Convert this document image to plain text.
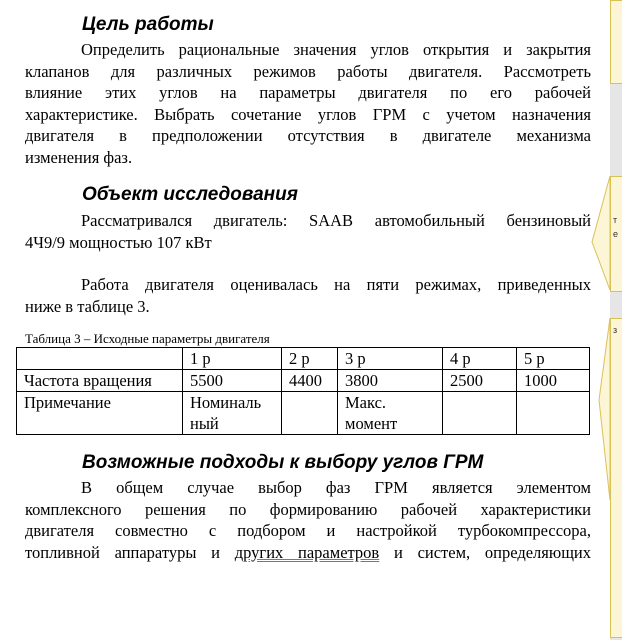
Цель работы
Определить рациональные значения углов открытия и закрытия
клапанов для различных режимов работы двигателя. Рассмотреть
влияние этих углов на параметры двигателя по его рабочей
характеристике. Выбрать сочетание углов ГРМ с учетом назначения
двигателя в предположении отсутствия в двигателе механизма
изменения фаз.
Объект исследования
Рассматривался двигатель: SAAB автомобильный бензиновый
4Ч9/9 мощностью 107 кВт
Работа двигателя оценивалась на пяти режимах, приведенных
ниже в таблице 3.
Таблица 3 – Исходные параметры двигателя
	1 р	2 р	3 р	4 р	5 р
Частота вращения	5500	4400	3800	2500	1000
Примечание	Номиналь ный		Макс. момент		
Возможные подходы к выбору углов ГРМ
В общем случае выбор фаз ГРМ является элементом
комплексного решения по формированию рабочей характеристики
двигателя совместно с подбором и настройкой турбокомпрессора,
топливной аппаратуры и других параметров и систем, определяющих
т
е
з
